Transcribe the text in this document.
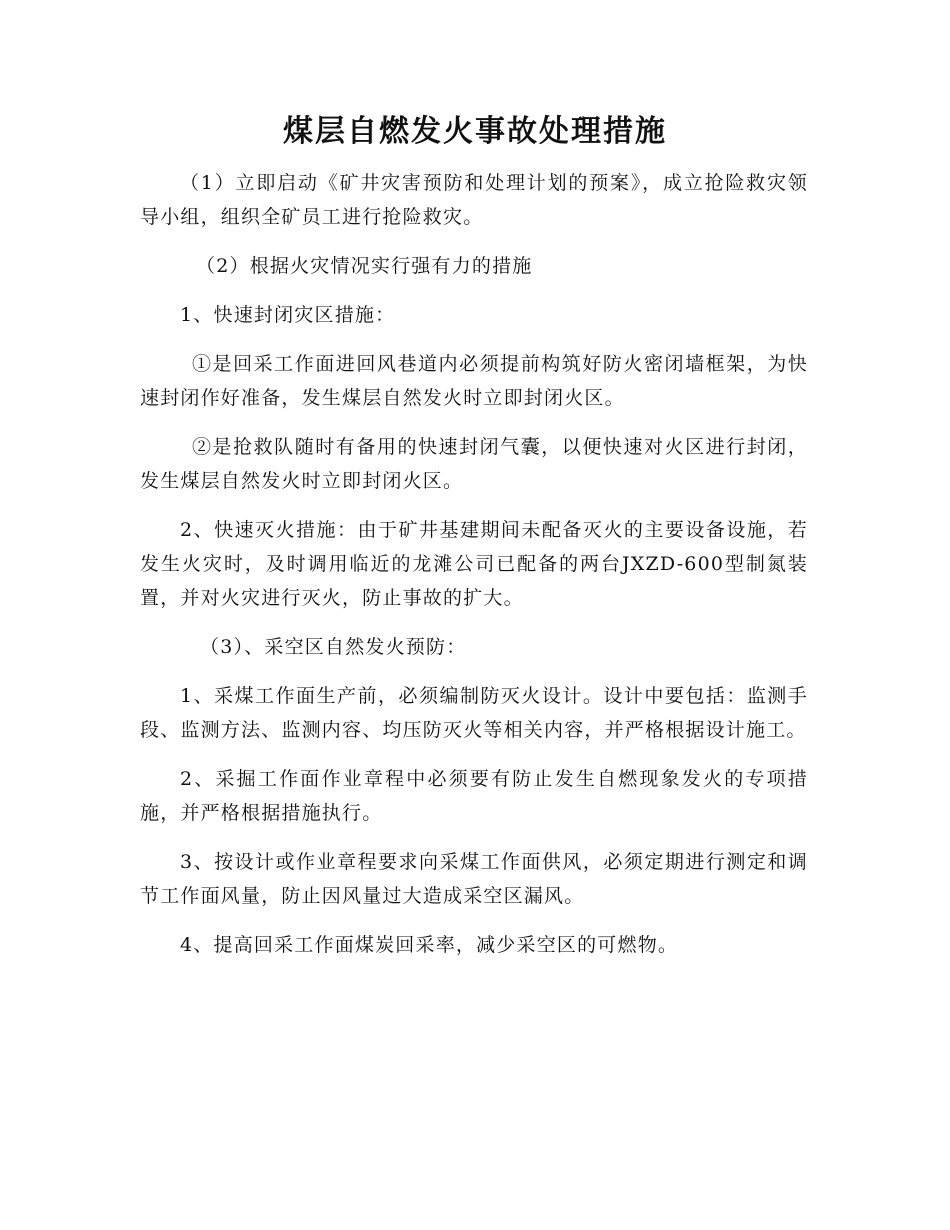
煤层自燃发火事故处理措施

（1）立即启动《矿井灾害预防和处理计划的预案》，成立抢险救灾领导小组，组织全矿员工进行抢险救灾。

（2）根据火灾情况实行强有力的措施

1、快速封闭灾区措施：

①是回采工作面进回风巷道内必须提前构筑好防火密闭墙框架，为快速封闭作好准备，发生煤层自然发火时立即封闭火区。

②是抢救队随时有备用的快速封闭气囊，以便快速对火区进行封闭，发生煤层自然发火时立即封闭火区。

2、快速灭火措施：由于矿井基建期间未配备灭火的主要设备设施，若发生火灾时，及时调用临近的龙滩公司已配备的两台JXZD-600型制氮装置，并对火灾进行灭火，防止事故的扩大。

（3）、采空区自然发火预防：

1、采煤工作面生产前，必须编制防灭火设计。设计中要包括：监测手段、监测方法、监测内容、均压防灭火等相关内容，并严格根据设计施工。

2、采掘工作面作业章程中必须要有防止发生自燃现象发火的专项措施，并严格根据措施执行。

3、按设计或作业章程要求向采煤工作面供风，必须定期进行测定和调节工作面风量，防止因风量过大造成采空区漏风。

4、提高回采工作面煤炭回采率，减少采空区的可燃物。
